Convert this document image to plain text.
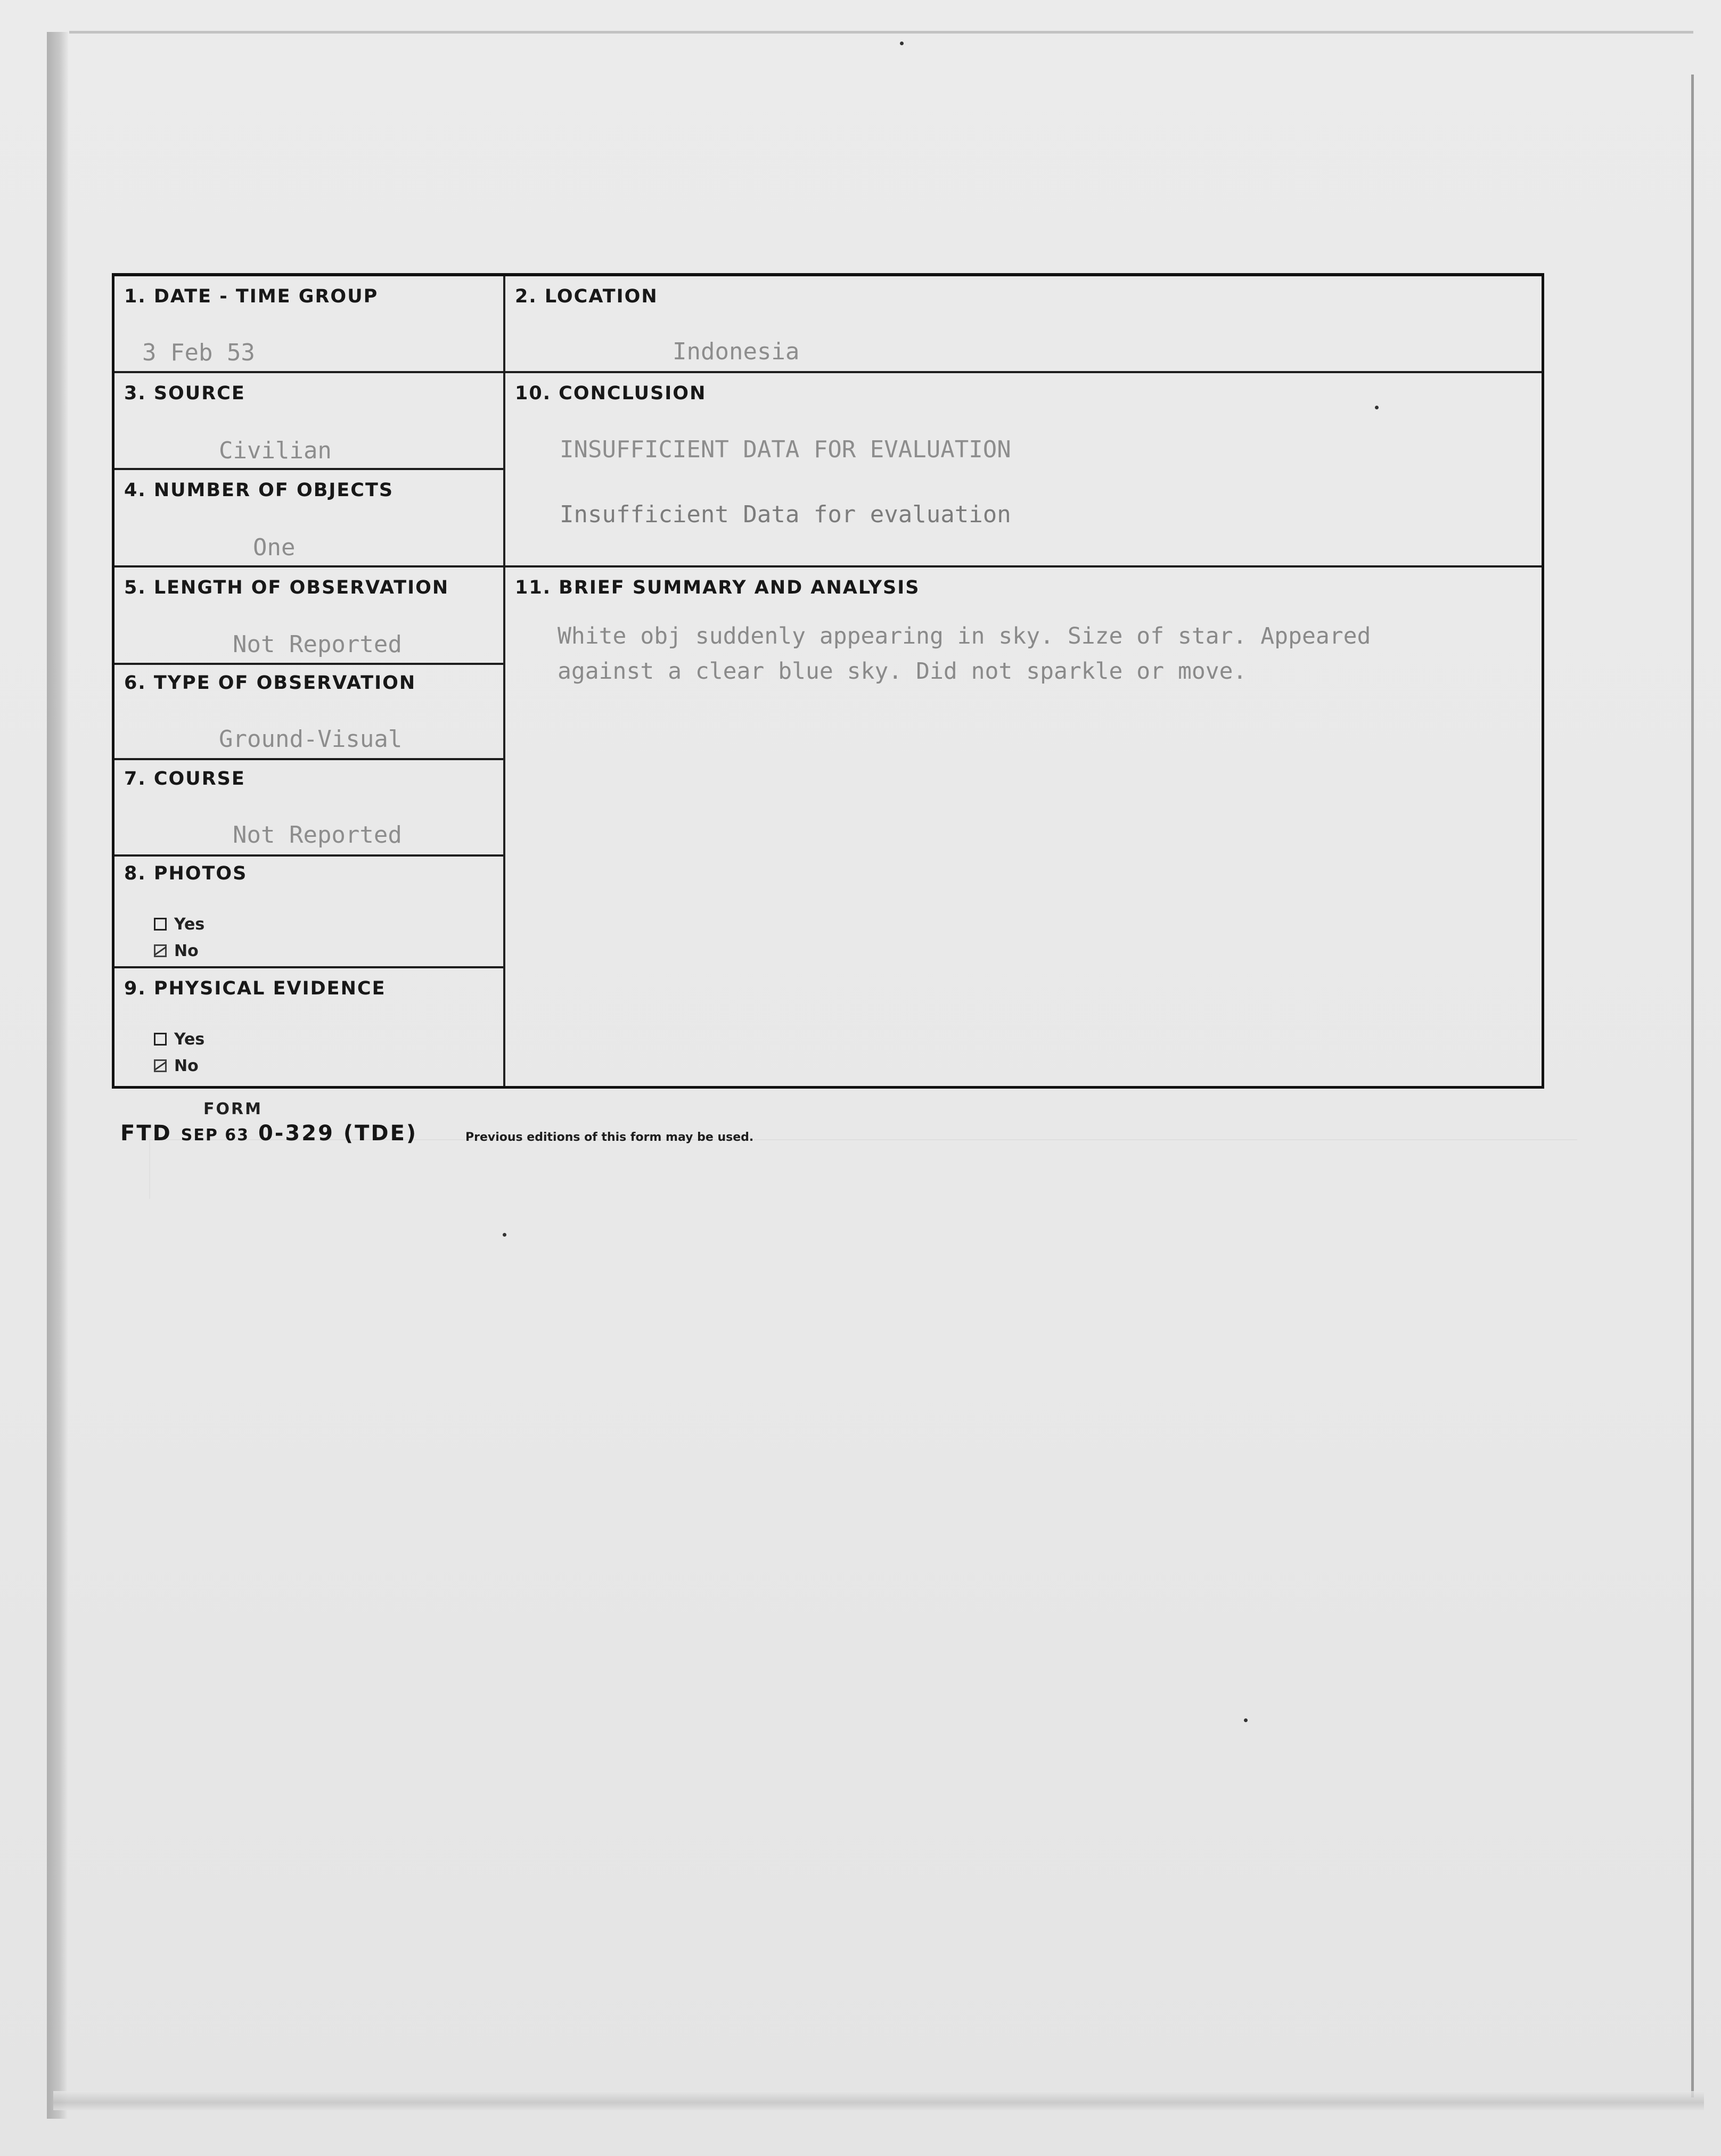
1. DATE - TIME GROUP
3 Feb 53
2. LOCATION
Indonesia
3. SOURCE
Civilian
4. NUMBER OF OBJECTS
One
10. CONCLUSION
INSUFFICIENT DATA FOR EVALUATION
Insufficient Data for evaluation
5. LENGTH OF OBSERVATION
Not Reported
11. BRIEF SUMMARY AND ANALYSIS
6. TYPE OF OBSERVATION
Ground-Visual
7. COURSE
Not Reported
8. PHOTOS
Yes
No
9. PHYSICAL EVIDENCE
Yes
No
White obj suddenly appearing in sky. Size of star. Appeared
against a clear blue sky. Did not sparkle or move.
FORM
FTD SEP 63 0-329 (TDE)	Previous editions of this form may be used.
